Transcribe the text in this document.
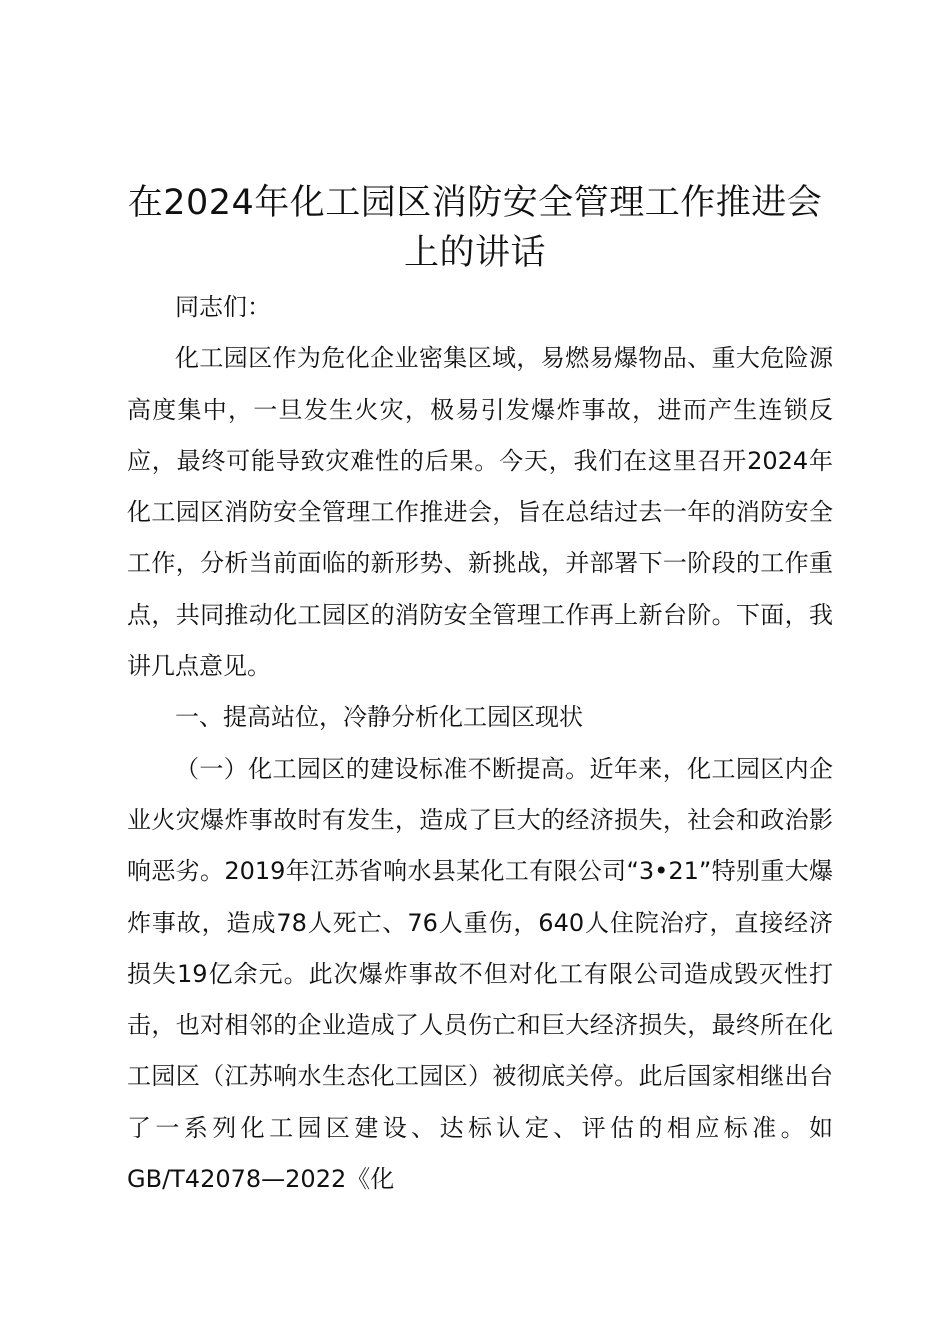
在2024年化工园区消防安全管理工作推进会上的讲话

同志们：

化工园区作为危化企业密集区域，易燃易爆物品、重大危险源高度集中，一旦发生火灾，极易引发爆炸事故，进而产生连锁反应，最终可能导致灾难性的后果。今天，我们在这里召开2024年化工园区消防安全管理工作推进会，旨在总结过去一年的消防安全工作，分析当前面临的新形势、新挑战，并部署下一阶段的工作重点，共同推动化工园区的消防安全管理工作再上新台阶。下面，我讲几点意见。

一、提高站位，冷静分析化工园区现状

（一）化工园区的建设标准不断提高。近年来，化工园区内企业火灾爆炸事故时有发生，造成了巨大的经济损失，社会和政治影响恶劣。2019年江苏省响水县某化工有限公司“3•21”特别重大爆炸事故，造成78人死亡、76人重伤，640人住院治疗，直接经济损失19亿余元。此次爆炸事故不但对化工有限公司造成毁灭性打击，也对相邻的企业造成了人员伤亡和巨大经济损失，最终所在化工园区（江苏响水生态化工园区）被彻底关停。此后国家相继出台了一系列化工园区建设、达标认定、评估的相应标准。如GB/T42078—2022《化
